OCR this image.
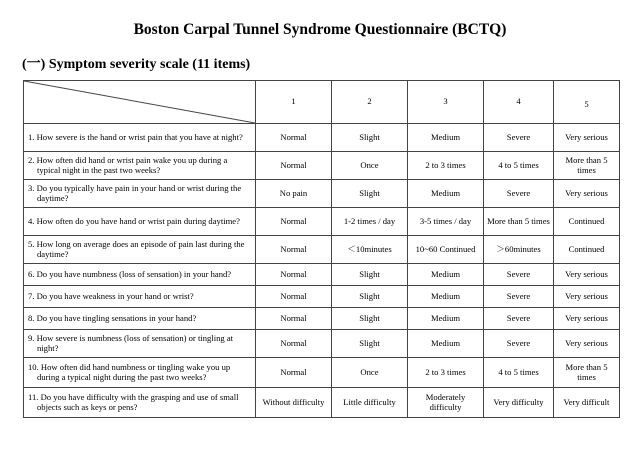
Boston Carpal Tunnel Syndrome Questionnaire (BCTQ)
(一) Symptom severity scale (11 items)
	1	2	3	4	5

1. How severe is the hand or wrist pain that you have at night?	Normal	Slight	Medium	Severe	Very serious

2. How often did hand or wrist pain wake you up during a typical night in the past two weeks?	Normal	Once	2 to 3 times	4 to 5 times	More than 5 times

3. Do you typically have pain in your hand or wrist during the daytime?	No pain	Slight	Medium	Severe	Very serious

4. How often do you have hand or wrist pain during daytime?	Normal	1-2 times / day	3-5 times / day	More than 5 times	Continued

5. How long on average does an episode of pain last during the daytime?	Normal	＜10minutes	10~60 Continued	＞60minutes	Continued

6. Do you have numbness (loss of sensation) in your hand?	Normal	Slight	Medium	Severe	Very serious

7. Do you have weakness in your hand or wrist?	Normal	Slight	Medium	Severe	Very serious

8. Do you have tingling sensations in your hand?	Normal	Slight	Medium	Severe	Very serious

9. How severe is numbness (loss of sensation) or tingling at night?	Normal	Slight	Medium	Severe	Very serious

10. How often did hand numbness or tingling wake you up during a typical night during the past two weeks?	Normal	Once	2 to 3 times	4 to 5 times	More than 5 times

11. Do you have difficulty with the grasping and use of small objects such as keys or pens?	Without difficulty	Little difficulty	Moderately difficulty	Very difficulty	Very difficult
